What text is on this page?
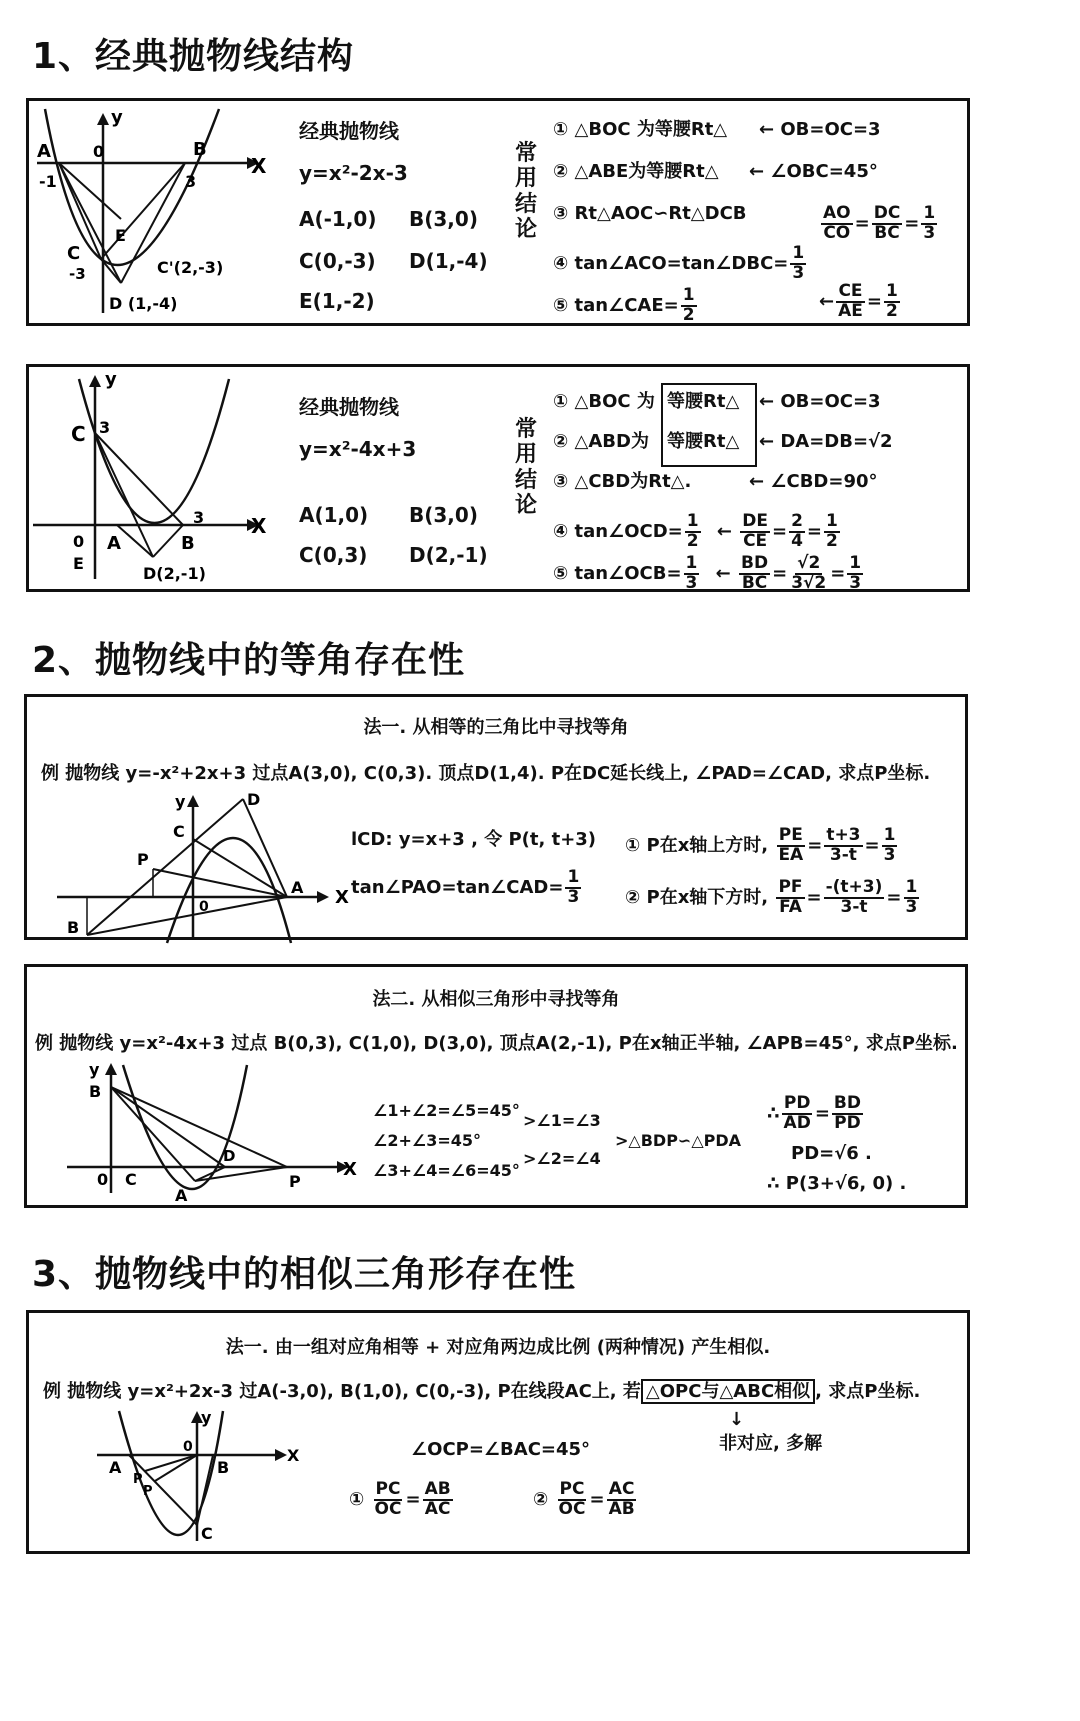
1、经典抛物线结构
y
X
A	B
0
-1	3
C
-3
E
D (1,-4)
C'(2,-3)
经典抛物线
y=x²-2x-3
A(-1,0) B(3,0)
C(0,-3) D(1,-4)
E(1,-2)
常用结论
① △BOC 为等腰Rt△ ← OB=OC=3
② △ABE为等腰Rt△ ← ∠OBC=45°
③ Rt△AOC∽Rt△DCB	$\frac{AO}{CO} = \frac{DC}{BC} = \frac{1}{3}$
④ tan∠ACO=tan∠DBC= $\frac{1}{3}$
⑤ tan∠CAE= $\frac{1}{2}$	← $\frac{CE}{AE} = \frac{1}{2}$
y
X
C 3
0
E
A	B
3
D(2,-1)
经典抛物线
y=x²-4x+3
A(1,0) B(3,0)
C(0,3) D(2,-1)
常用结论
① △BOC 为
② △ABD为
等腰Rt△
等腰Rt△
← OB=OC=3
← DA=DB=√2
③ △CBD为Rt△.	← ∠CBD=90°
④ tan∠OCD= $\frac{1}{2}$ ← $\frac{DE}{CE} = \frac{2}{4} = \frac{1}{2}$
⑤ tan∠OCB= $\frac{1}{3}$ ← $\frac{BD}{BC} = \frac{√2}{3√2} = \frac{1}{3}$
2、抛物线中的等角存在性
法一. 从相等的三角比中寻找等角
例 抛物线 y=-x²+2x+3 过点A(3,0), C(0,3). 顶点D(1,4). P在DC延长线上, ∠PAD=∠CAD, 求点P坐标.
y
X
D
C
P
A
0
B
lCD: y=x+3 , 令 P(t, t+3)
tan∠PAO=tan∠CAD= $\frac{1}{3}$
① P在x轴上方时, $\frac{PE}{EA} = \frac{t+3}{3-t} = \frac{1}{3}$
② P在x轴下方时, $\frac{PF}{FA} = \frac{-(t+3)}{3-t} = \frac{1}{3}$
法二. 从相似三角形中寻找等角
例 抛物线 y=x²-4x+3 过点 B(0,3), C(1,0), D(3,0), 顶点A(2,-1), P在x轴正半轴, ∠APB=45°, 求点P坐标.
y
X
B
0 C
D
A
P
∠1+∠2=∠5=45°
∠2+∠3=45°
∠3+∠4=∠6=45°
>∠1=∠3
>∠2=∠4
>△BDP∽△PDA
∴ $\frac{PD}{AD} = \frac{BD}{PD}$
PD=√6 .
∴ P(3+√6, 0) .
3、抛物线中的相似三角形存在性
法一. 由一组对应角相等 + 对应角两边成比例 (两种情况) 产生相似.
例 抛物线 y=x²+2x-3 过A(-3,0), B(1,0), C(0,-3), P在线段AC上, 若 △OPC与△ABC相似 , 求点P坐标.
↓
非对应, 多解
y
X
0
A	B
C
P
P
∠OCP=∠BAC=45°
① $\frac{PC}{OC} = \frac{AB}{AC}$	② $\frac{PC}{OC} = \frac{AC}{AB}$
